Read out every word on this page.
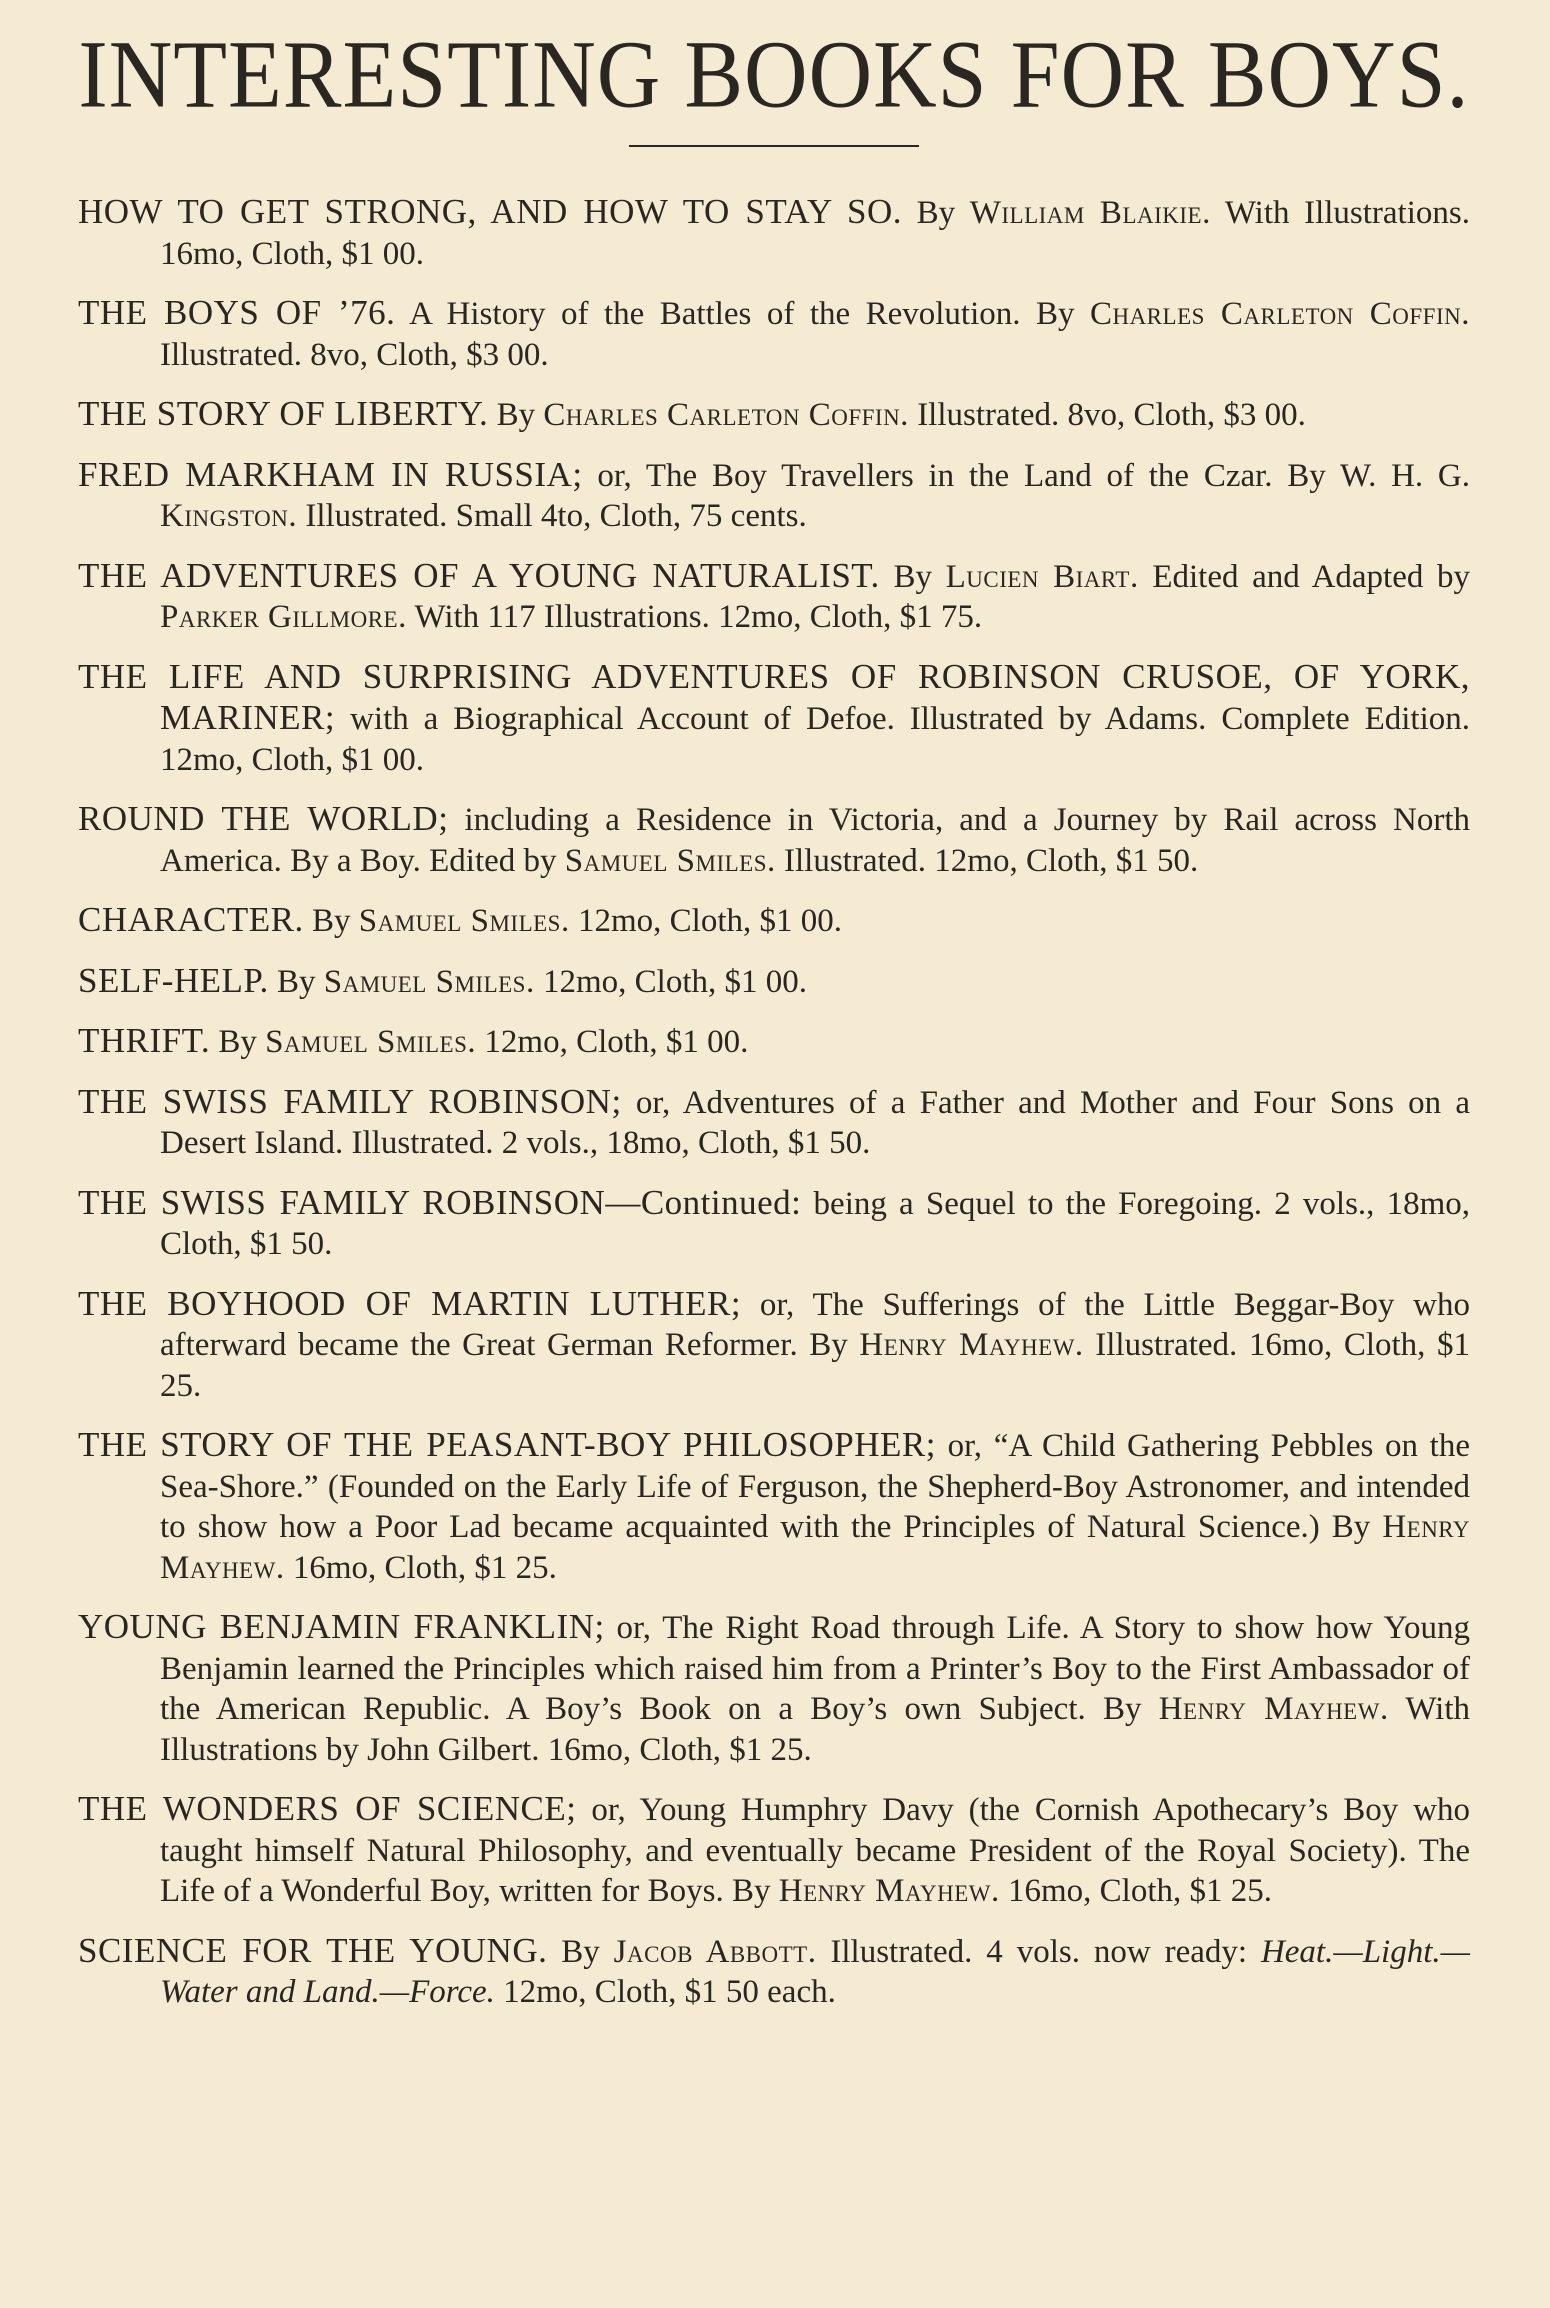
INTERESTING BOOKS FOR BOYS.

HOW TO GET STRONG, AND HOW TO STAY SO. By William Blaikie. With Illustrations. 16mo, Cloth, $1 00.

THE BOYS OF ’76. A History of the Battles of the Revolution. By Charles Carleton Coffin. Illustrated. 8vo, Cloth, $3 00.

THE STORY OF LIBERTY. By Charles Carleton Coffin. Illustrated. 8vo, Cloth, $3 00.

FRED MARKHAM IN RUSSIA; or, The Boy Travellers in the Land of the Czar. By W. H. G. Kingston. Illustrated. Small 4to, Cloth, 75 cents.

THE ADVENTURES OF A YOUNG NATURALIST. By Lucien Biart. Edited and Adapted by Parker Gillmore. With 117 Illustrations. 12mo, Cloth, $1 75.

THE LIFE AND SURPRISING ADVENTURES OF ROBINSON CRUSOE, OF YORK, MARINER; with a Biographical Account of Defoe. Illustrated by Adams. Complete Edition. 12mo, Cloth, $1 00.

ROUND THE WORLD; including a Residence in Victoria, and a Journey by Rail across North America. By a Boy. Edited by Samuel Smiles. Illustrated. 12mo, Cloth, $1 50.

CHARACTER. By Samuel Smiles. 12mo, Cloth, $1 00.

SELF-HELP. By Samuel Smiles. 12mo, Cloth, $1 00.

THRIFT. By Samuel Smiles. 12mo, Cloth, $1 00.

THE SWISS FAMILY ROBINSON; or, Adventures of a Father and Mother and Four Sons on a Desert Island. Illustrated. 2 vols., 18mo, Cloth, $1 50.

THE SWISS FAMILY ROBINSON—Continued: being a Sequel to the Foregoing. 2 vols., 18mo, Cloth, $1 50.

THE BOYHOOD OF MARTIN LUTHER; or, The Sufferings of the Little Beggar-Boy who afterward became the Great German Reformer. By Henry Mayhew. Illustrated. 16mo, Cloth, $1 25.

THE STORY OF THE PEASANT-BOY PHILOSOPHER; or, “A Child Gathering Pebbles on the Sea-Shore.” (Founded on the Early Life of Ferguson, the Shepherd-Boy Astronomer, and intended to show how a Poor Lad became acquainted with the Principles of Natural Science.) By Henry Mayhew. 16mo, Cloth, $1 25.

YOUNG BENJAMIN FRANKLIN; or, The Right Road through Life. A Story to show how Young Benjamin learned the Principles which raised him from a Printer’s Boy to the First Ambassador of the American Republic. A Boy’s Book on a Boy’s own Subject. By Henry Mayhew. With Illustrations by John Gilbert. 16mo, Cloth, $1 25.

THE WONDERS OF SCIENCE; or, Young Humphry Davy (the Cornish Apothecary’s Boy who taught himself Natural Philosophy, and eventually became President of the Royal Society). The Life of a Wonderful Boy, written for Boys. By Henry Mayhew. 16mo, Cloth, $1 25.

SCIENCE FOR THE YOUNG. By Jacob Abbott. Illustrated. 4 vols. now ready: Heat.—Light.—Water and Land.—Force. 12mo, Cloth, $1 50 each.
